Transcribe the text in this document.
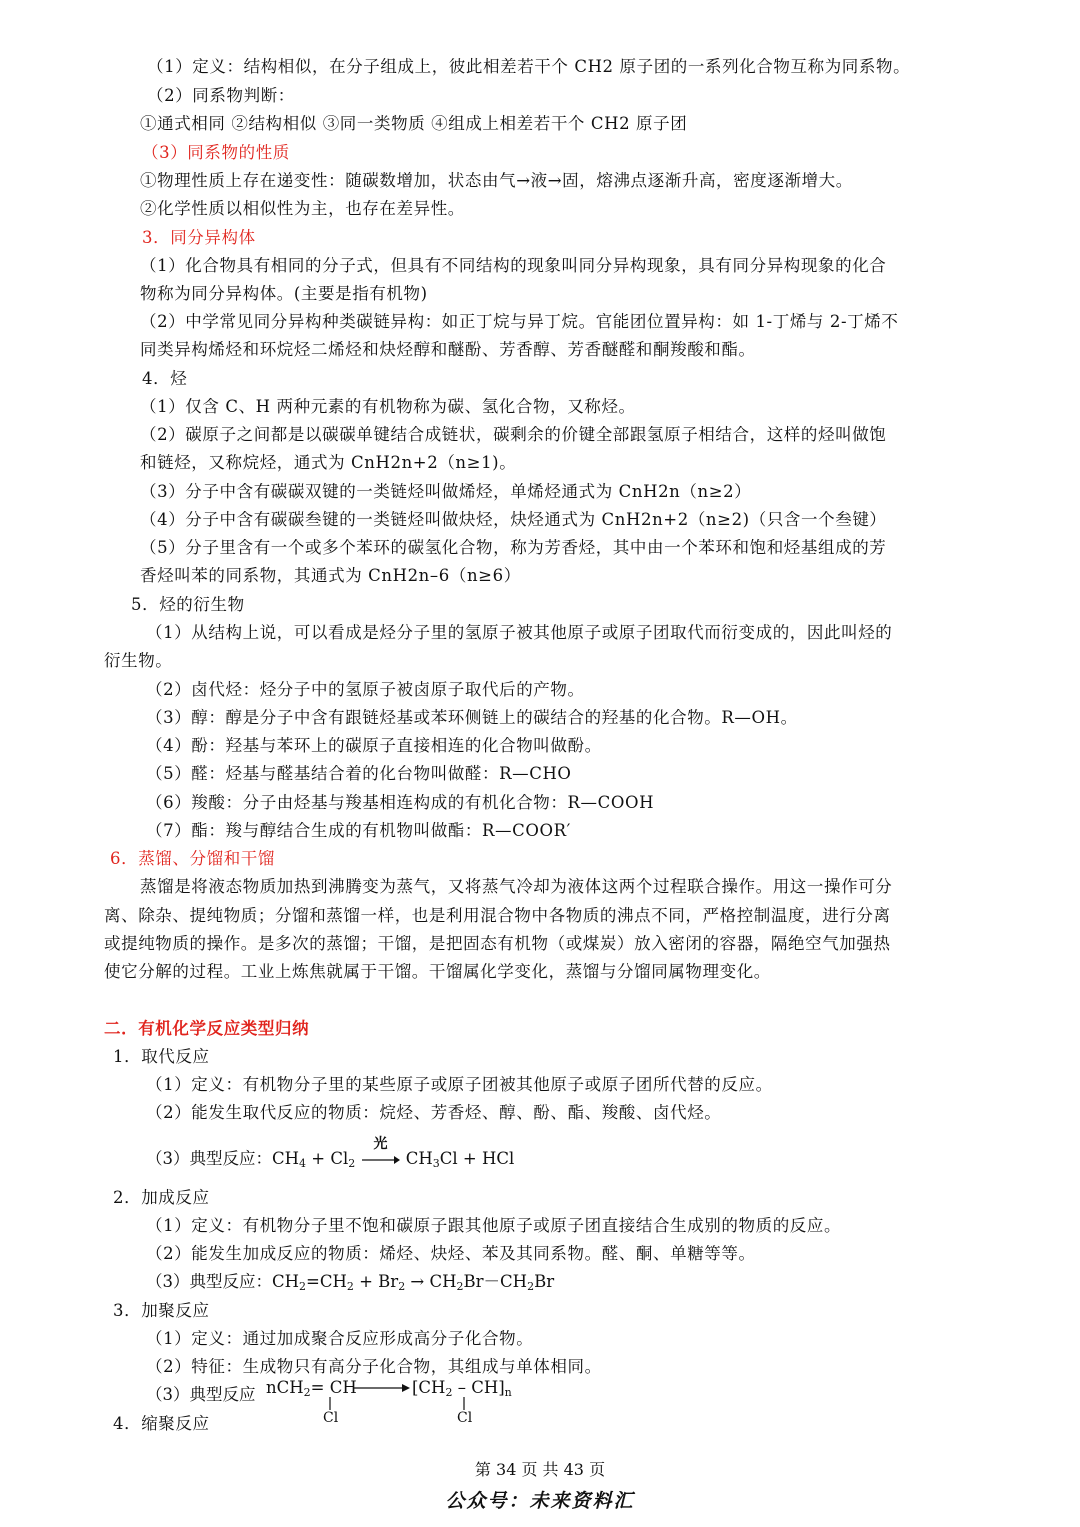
（1）定义：结构相似，在分子组成上，彼此相差若干个 CH2 原子团的一系列化合物互称为同系物。
（2）同系物判断：
①通式相同 ②结构相似 ③同一类物质 ④组成上相差若干个 CH2 原子团
（3）同系物的性质
①物理性质上存在递变性：随碳数增加，状态由气→液→固，熔沸点逐渐升高，密度逐渐增大。
②化学性质以相似性为主，也存在差异性。
3．同分异构体
（1）化合物具有相同的分子式，但具有不同结构的现象叫同分异构现象，具有同分异构现象的化合
物称为同分异构体。(主要是指有机物)
（2）中学常见同分异构种类碳链异构：如正丁烷与异丁烷。官能团位置异构：如 1-丁烯与 2-丁烯不
同类异构烯烃和环烷烃二烯烃和炔烃醇和醚酚、芳香醇、芳香醚醛和酮羧酸和酯。
4．烃
（1）仅含 C、H 两种元素的有机物称为碳、氢化合物，又称烃。
（2）碳原子之间都是以碳碳单键结合成链状，碳剩余的价键全部跟氢原子相结合，这样的烃叫做饱
和链烃，又称烷烃，通式为 CnH2n+2（n≥1)。
（3）分子中含有碳碳双键的一类链烃叫做烯烃，单烯烃通式为 CnH2n（n≥2）
（4）分子中含有碳碳叁键的一类链烃叫做炔烃，炔烃通式为 CnH2n+2（n≥2)（只含一个叁键）
（5）分子里含有一个或多个苯环的碳氢化合物，称为芳香烃，其中由一个苯环和饱和烃基组成的芳
香烃叫苯的同系物，其通式为 CnH2n–6（n≥6）
5．烃的衍生物
（1）从结构上说，可以看成是烃分子里的氢原子被其他原子或原子团取代而衍变成的，因此叫烃的
衍生物。
（2）卤代烃：烃分子中的氢原子被卤原子取代后的产物。
（3）醇：醇是分子中含有跟链烃基或苯环侧链上的碳结合的羟基的化合物。R—OH。
（4）酚：羟基与苯环上的碳原子直接相连的化合物叫做酚。
（5）醛：烃基与醛基结合着的化台物叫做醛：R—CHO
（6）羧酸：分子由烃基与羧基相连构成的有机化合物：R—COOH
（7）酯：羧与醇结合生成的有机物叫做酯：R—COOR′
6．蒸馏、分馏和干馏
蒸馏是将液态物质加热到沸腾变为蒸气，又将蒸气冷却为液体这两个过程联合操作。用这一操作可分
离、除杂、提纯物质；分馏和蒸馏一样，也是利用混合物中各物质的沸点不同，严格控制温度，进行分离
或提纯物质的操作。是多次的蒸馏；干馏，是把固态有机物（或煤炭）放入密闭的容器，隔绝空气加强热
使它分解的过程。工业上炼焦就属于干馏。干馏属化学变化，蒸馏与分馏同属物理变化。
二．有机化学反应类型归纳
1．取代反应
（1）定义：有机物分子里的某些原子或原子团被其他原子或原子团所代替的反应。
（2）能发生取代反应的物质：烷烃、芳香烃、醇、酚、酯、羧酸、卤代烃。
2．加成反应
（1）定义：有机物分子里不饱和碳原子跟其他原子或原子团直接结合生成别的物质的反应。
（2）能发生加成反应的物质：烯烃、炔烃、苯及其同系物。醛、酮、单糖等等。
3．加聚反应
（1）定义：通过加成聚合反应形成高分子化合物。
（2）特征：生成物只有高分子化合物，其组成与单体相同。
4．缩聚反应
（3）典型反应：$CH_4 + Cl_2$
光
$CH_3Cl$ + HCl
（3）典型反应：$CH_2=CH_2 + Br_2 \to CH_2Br-CH_2Br$
（3）典型反应 nCH$_2$= CH	$[CH_2 - CH]_n$
Cl	Cl
第 34 页 共 43 页
公众号：未来资料汇
